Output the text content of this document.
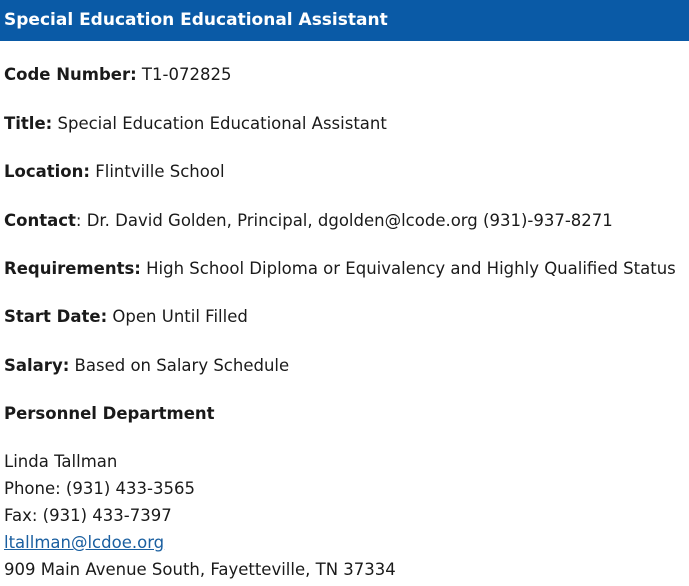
Special Education Educational Assistant
Code Number: T1-072825
Title: Special Education Educational Assistant
Location: Flintville School
Contact: Dr. David Golden, Principal, dgolden@lcode.org (931)-937-8271
Requirements: High School Diploma or Equivalency and Highly Qualified Status
Start Date: Open Until Filled
Salary: Based on Salary Schedule
Personnel Department
Linda Tallman
Phone: (931) 433-3565
Fax: (931) 433-7397
ltallman@lcdoe.org
909 Main Avenue South, Fayetteville, TN 37334
